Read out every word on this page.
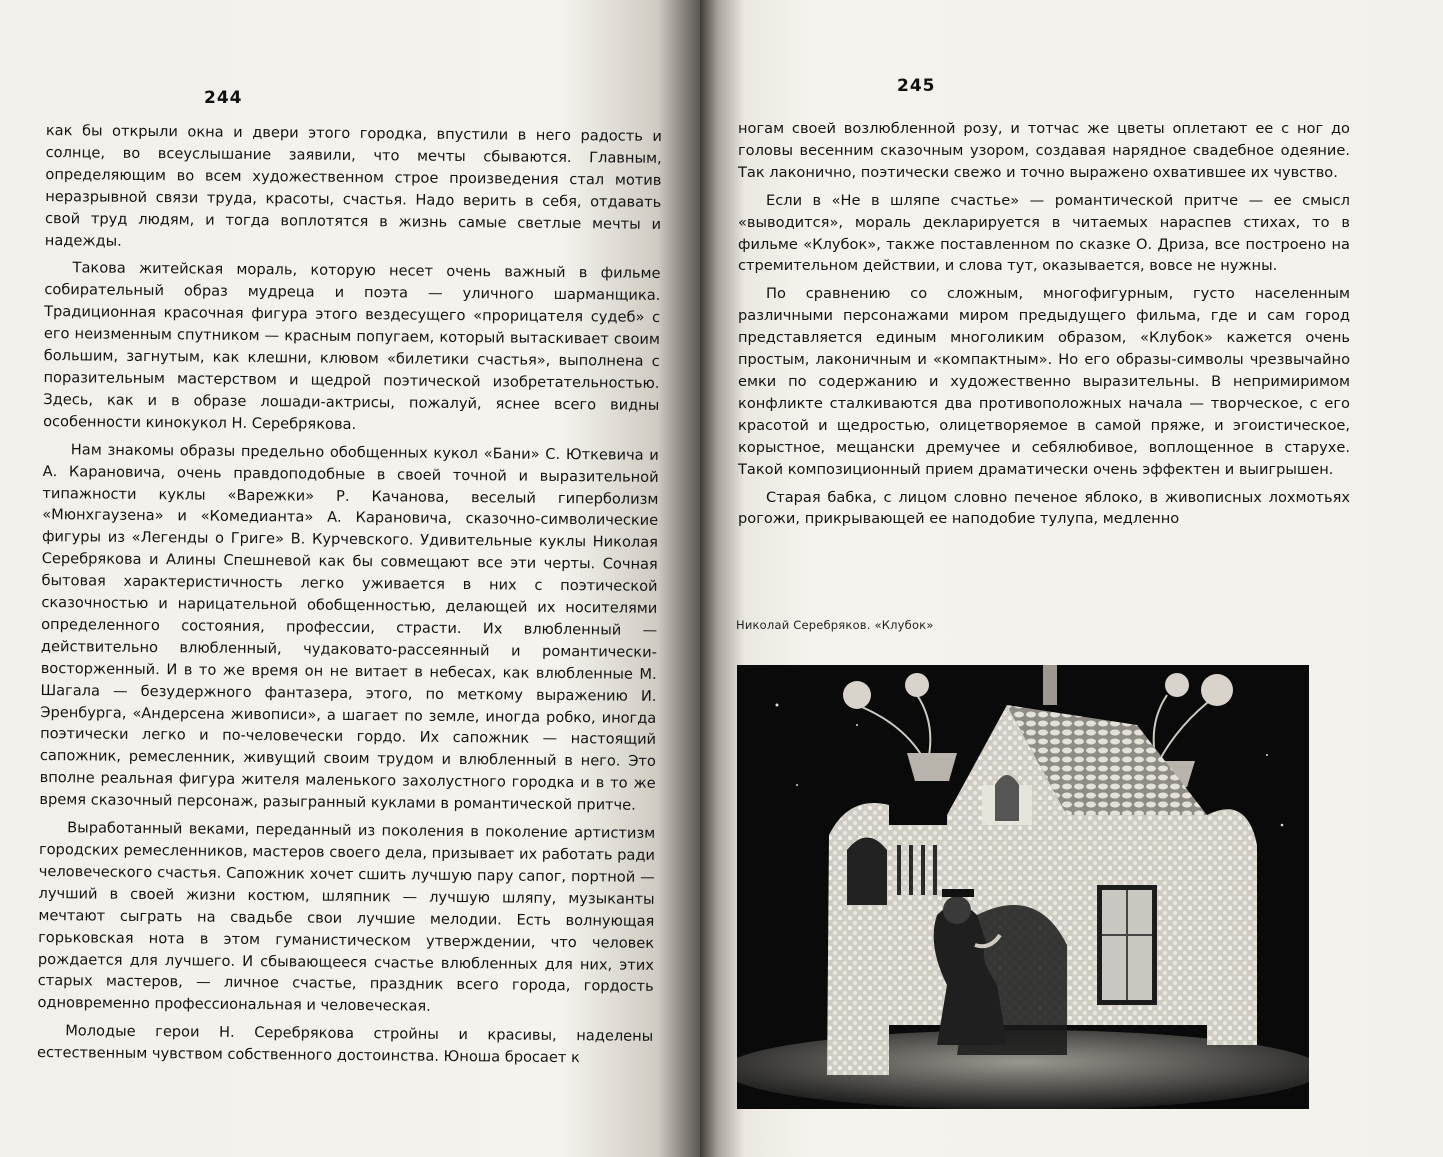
244

как бы открыли окна и двери этого городка, впустили в него радость и солнце, во всеуслышание заявили, что мечты сбываются. Главным, определяющим во всем художественном строе произведения стал мотив неразрывной связи труда, красоты, счастья. Надо верить в себя, отдавать свой труд людям, и тогда воплотятся в жизнь самые светлые мечты и надежды.

Такова житейская мораль, которую несет очень важный в фильме собирательный образ мудреца и поэта — уличного шарманщика. Традиционная красочная фигура этого вездесущего «прорицателя судеб» с его неизменным спутником — красным попугаем, который вытаскивает своим большим, загнутым, как клешни, клювом «билетики счастья», выполнена с поразительным мастерством и щедрой поэтической изобретательностью. Здесь, как и в образе лошади-актрисы, пожалуй, яснее всего видны особенности кинокукол Н. Серебрякова.

Нам знакомы образы предельно обобщенных кукол «Бани» С. Юткевича и А. Карановича, очень правдоподобные в своей точной и выразительной типажности куклы «Варежки» Р. Качанова, веселый гиперболизм «Мюнхгаузена» и «Комедианта» А. Карановича, сказочно-символические фигуры из «Легенды о Григе» В. Курчевского. Удивительные куклы Николая Серебрякова и Алины Спешневой как бы совмещают все эти черты. Сочная бытовая характеристичность легко уживается в них с поэтической сказочностью и нарицательной обобщенностью, делающей их носителями определенного состояния, профессии, страсти. Их влюбленный — действительно влюбленный, чудаковато-рассеянный и романтически-восторженный. И в то же время он не витает в небесах, как влюбленные М. Шагала — безудержного фантазера, этого, по меткому выражению И. Эренбурга, «Андерсена живописи», а шагает по земле, иногда робко, иногда поэтически легко и по-человечески гордо. Их сапожник — настоящий сапожник, ремесленник, живущий своим трудом и влюбленный в него. Это вполне реальная фигура жителя маленького захолустного городка и в то же время сказочный персонаж, разыгранный куклами в романтической притче.

Выработанный веками, переданный из поколения в поколение артистизм городских ремесленников, мастеров своего дела, призывает их работать ради человеческого счастья. Сапожник хочет сшить лучшую пару сапог, портной — лучший в своей жизни костюм, шляпник — лучшую шляпу, музыканты мечтают сыграть на свадьбе свои лучшие мелодии. Есть волнующая горьковская нота в этом гуманистическом утверждении, что человек рождается для лучшего. И сбывающееся счастье влюбленных для них, этих старых мастеров, — личное счастье, праздник всего города, гордость одновременно профессиональная и человеческая.

Молодые герои Н. Серебрякова стройны и красивы, наделены естественным чувством собственного достоинства. Юноша бросает к

245

ногам своей возлюбленной розу, и тотчас же цветы оплетают ее с ног до головы весенним сказочным узором, создавая нарядное свадебное одеяние. Так лаконично, поэтически свежо и точно выражено охватившее их чувство.

Если в «Не в шляпе счастье» — романтической притче — ее смысл «выводится», мораль декларируется в читаемых нараспев стихах, то в фильме «Клубок», также поставленном по сказке О. Дриза, все построено на стремительном действии, и слова тут, оказывается, вовсе не нужны.

По сравнению со сложным, многофигурным, густо населенным различными персонажами миром предыдущего фильма, где и сам город представляется единым многоликим образом, «Клубок» кажется очень простым, лаконичным и «компактным». Но его образы-символы чрезвычайно емки по содержанию и художественно выразительны. В непримиримом конфликте сталкиваются два противоположных начала — творческое, с его красотой и щедростью, олицетворяемое в самой пряже, и эгоистическое, корыстное, мещански дремучее и себялюбивое, воплощенное в старухе. Такой композиционный прием драматически очень эффектен и выигрышен.

Старая бабка, с лицом словно печеное яблоко, в живописных лохмотьях рогожи, прикрывающей ее наподобие тулупа, медленно

Николай Серебряков. «Клубок»
